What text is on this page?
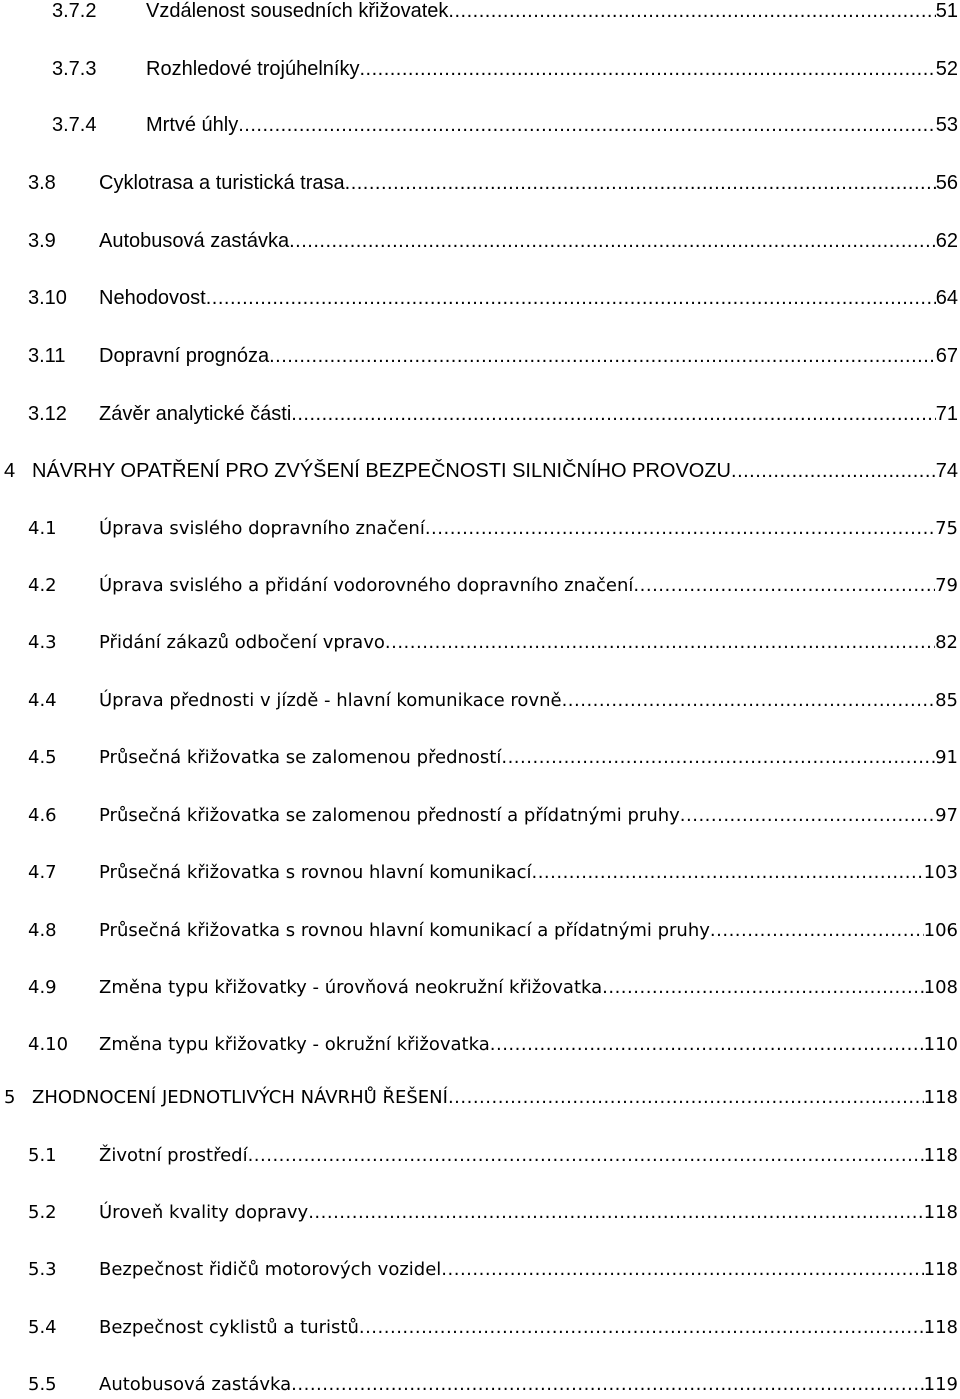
3.7.2	Vzdálenost sousedních křižovatek .....	51
3.7.3	Rozhledové trojúhelníky .....	52
3.7.4	Mrtvé úhly .....	53
3.8	Cyklotrasa a turistická trasa .....	56
3.9	Autobusová zastávka .....	62
3.10	Nehodovost .....	64
3.11	Dopravní prognóza .....	67
3.12	Závěr analytické části .....	71
4 NÁVRHY OPATŘENÍ PRO ZVÝŠENÍ BEZPEČNOSTI SILNIČNÍHO PROVOZU .....	74
4.1	Úprava svislého dopravního značení .....	75
4.2	Úprava svislého a přidání vodorovného dopravního značení .....	79
4.3	Přidání zákazů odbočení vpravo .....	82
4.4	Úprava přednosti v jízdě - hlavní komunikace rovně .....	85
4.5	Průsečná křižovatka se zalomenou předností .....	91
4.6	Průsečná křižovatka se zalomenou předností a přídatnými pruhy .....	97
4.7	Průsečná křižovatka s rovnou hlavní komunikací .....	103
4.8	Průsečná křižovatka s rovnou hlavní komunikací a přídatnými pruhy .....	106
4.9	Změna typu křižovatky - úrovňová neokružní křižovatka .....	108
4.10	Změna typu křižovatky - okružní křižovatka .....	110
5 ZHODNOCENÍ JEDNOTLIVÝCH NÁVRHŮ ŘEŠENÍ .....	118
5.1	Životní prostředí .....	118
5.2	Úroveň kvality dopravy .....	118
5.3	Bezpečnost řidičů motorových vozidel .....	118
5.4	Bezpečnost cyklistů a turistů .....	118
5.5	Autobusová zastávka .....	119
